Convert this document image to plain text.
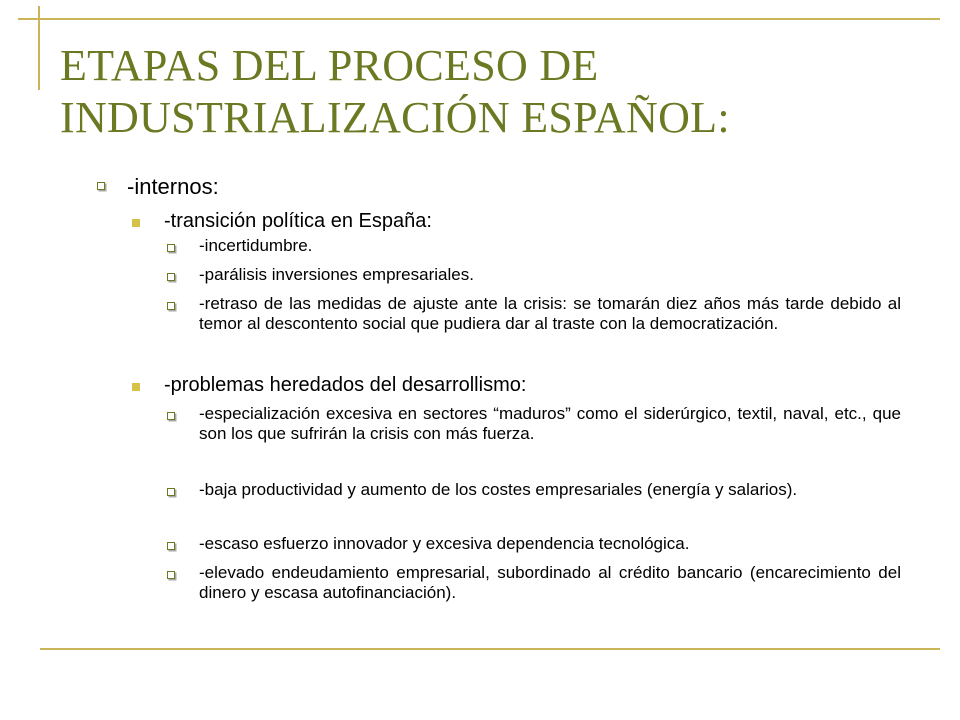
ETAPAS DEL PROCESO DE
INDUSTRIALIZACIÓN ESPAÑOL:

-internos:

-transición política en España:

-incertidumbre.

-parálisis inversiones empresariales.

-retraso de las medidas de ajuste ante la crisis: se tomarán diez años más tarde debido al temor al descontento social que pudiera dar al traste con la democratización.

-problemas heredados del desarrollismo:

-especialización excesiva en sectores “maduros” como el siderúrgico, textil, naval, etc., que son los que sufrirán la crisis con más fuerza.

-baja productividad y aumento de los costes empresariales (energía y salarios).

-escaso esfuerzo innovador y excesiva dependencia tecnológica.

-elevado endeudamiento empresarial, subordinado al crédito bancario (encarecimiento del dinero y escasa autofinanciación).
